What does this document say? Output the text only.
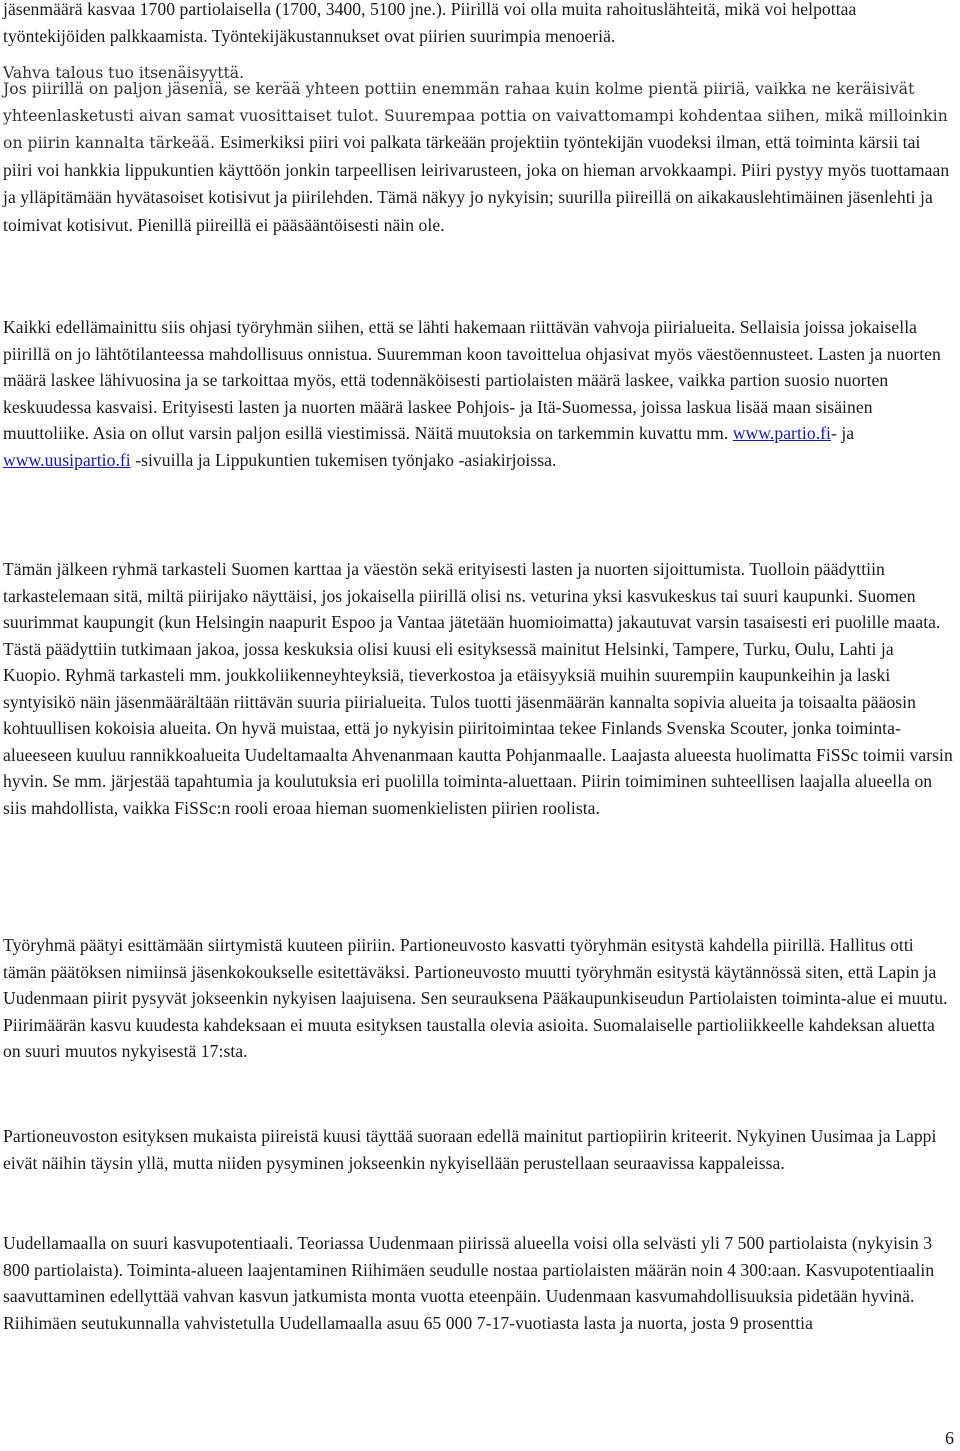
jäsenmäärä kasvaa 1700 partiolaisella (1700, 3400, 5100 jne.). Piirillä voi olla muita rahoituslähteitä, mikä voi helpottaa työntekijöiden palkkaamista. Työntekijäkustannukset ovat piirien suurimpia menoeriä.

Vahva talous tuo itsenäisyyttä.

Jos piirillä on paljon jäseniä, se kerää yhteen pottiin enemmän rahaa kuin kolme pientä piiriä, vaikka ne keräisivät yhteenlasketusti aivan samat vuosittaiset tulot. Suurempaa pottia on vaivattomampi kohdentaa siihen, mikä milloinkin on piirin kannalta tärkeää. Esimerkiksi piiri voi palkata tärkeään projektiin työntekijän vuodeksi ilman, että toiminta kärsii tai piiri voi hankkia lippukuntien käyttöön jonkin tarpeellisen leirivarusteen, joka on hieman arvokkaampi. Piiri pystyy myös tuottamaan ja ylläpitämään hyvätasoiset kotisivut ja piirilehden. Tämä näkyy jo nykyisin; suurilla piireillä on aikakauslehtimäinen jäsenlehti ja toimivat kotisivut. Pienillä piireillä ei pääsääntöisesti näin ole.

Kaikki edellämainittu siis ohjasi työryhmän siihen, että se lähti hakemaan riittävän vahvoja piirialueita. Sellaisia joissa jokaisella piirillä on jo lähtötilanteessa mahdollisuus onnistua. Suuremman koon tavoittelua ohjasivat myös väestöennusteet. Lasten ja nuorten määrä laskee lähivuosina ja se tarkoittaa myös, että todennäköisesti partiolaisten määrä laskee, vaikka partion suosio nuorten keskuudessa kasvaisi. Erityisesti lasten ja nuorten määrä laskee Pohjois- ja Itä-Suomessa, joissa laskua lisää maan sisäinen muuttoliike. Asia on ollut varsin paljon esillä viestimissä. Näitä muutoksia on tarkemmin kuvattu mm. www.partio.fi- ja www.uusipartio.fi -sivuilla ja Lippukuntien tukemisen työnjako -asiakirjoissa.

Tämän jälkeen ryhmä tarkasteli Suomen karttaa ja väestön sekä erityisesti lasten ja nuorten sijoittumista. Tuolloin päädyttiin tarkastelemaan sitä, miltä piirijako näyttäisi, jos jokaisella piirillä olisi ns. veturina yksi kasvukeskus tai suuri kaupunki. Suomen suurimmat kaupungit (kun Helsingin naapurit Espoo ja Vantaa jätetään huomioimatta) jakautuvat varsin tasaisesti eri puolille maata. Tästä päädyttiin tutkimaan jakoa, jossa keskuksia olisi kuusi eli esityksessä mainitut Helsinki, Tampere, Turku, Oulu, Lahti ja Kuopio. Ryhmä tarkasteli mm. joukkoliikenneyhteyksiä, tieverkostoa ja etäisyyksiä muihin suurempiin kaupunkeihin ja laski syntyisikö näin jäsenmäärältään riittävän suuria piirialueita. Tulos tuotti jäsenmäärän kannalta sopivia alueita ja toisaalta pääosin kohtuullisen kokoisia alueita. On hyvä muistaa, että jo nykyisin piiritoimintaa tekee Finlands Svenska Scouter, jonka toiminta-alueeseen kuuluu rannikkoalueita Uudeltamaalta Ahvenanmaan kautta Pohjanmaalle. Laajasta alueesta huolimatta FiSSc toimii varsin hyvin. Se mm. järjestää tapahtumia ja koulutuksia eri puolilla toiminta-aluettaan. Piirin toimiminen suhteellisen laajalla alueella on siis mahdollista, vaikka FiSSc:n rooli eroaa hieman suomenkielisten piirien roolista.

Työryhmä päätyi esittämään siirtymistä kuuteen piiriin. Partioneuvosto kasvatti työryhmän esitystä kahdella piirillä. Hallitus otti tämän päätöksen nimiinsä jäsenkokoukselle esitettäväksi. Partioneuvosto muutti työryhmän esitystä käytännössä siten, että Lapin ja Uudenmaan piirit pysyvät jokseenkin nykyisen laajuisena. Sen seurauksena Pääkaupunkiseudun Partiolaisten toiminta-alue ei muutu. Piirimäärän kasvu kuudesta kahdeksaan ei muuta esityksen taustalla olevia asioita. Suomalaiselle partioliikkeelle kahdeksan aluetta on suuri muutos nykyisestä 17:sta.

Partioneuvoston esityksen mukaista piireistä kuusi täyttää suoraan edellä mainitut partiopiirin kriteerit. Nykyinen Uusimaa ja Lappi eivät näihin täysin yllä, mutta niiden pysyminen jokseenkin nykyisellään perustellaan seuraavissa kappaleissa.

Uudellamaalla on suuri kasvupotentiaali. Teoriassa Uudenmaan piirissä alueella voisi olla selvästi yli 7 500 partiolaista (nykyisin 3 800 partiolaista). Toiminta-alueen laajentaminen Riihimäen seudulle nostaa partiolaisten määrän noin 4 300:aan. Kasvupotentiaalin saavuttaminen edellyttää vahvan kasvun jatkumista monta vuotta eteenpäin. Uudenmaan kasvumahdollisuuksia pidetään hyvinä. Riihimäen seutukunnalla vahvistetulla Uudellamaalla asuu 65 000 7-17-vuotiasta lasta ja nuorta, josta 9 prosenttia

6
